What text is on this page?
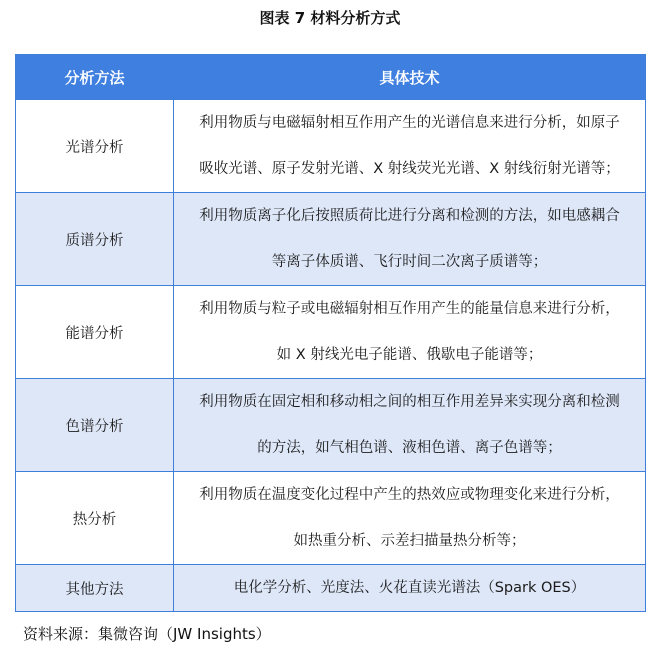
图表 7 材料分析方式
分析方法	具体技术
光谱分析	利用物质与电磁辐射相互作用产生的光谱信息来进行分析，如原子
吸收光谱、原子发射光谱、X 射线荧光光谱、X 射线衍射光谱等；

质谱分析	利用物质离子化后按照质荷比进行分离和检测的方法，如电感耦合
等离子体质谱、飞行时间二次离子质谱等；

能谱分析	利用物质与粒子或电磁辐射相互作用产生的能量信息来进行分析，
如 X 射线光电子能谱、俄歇电子能谱等；

色谱分析	利用物质在固定相和移动相之间的相互作用差异来实现分离和检测
的方法，如气相色谱、液相色谱、离子色谱等；

热分析	利用物质在温度变化过程中产生的热效应或物理变化来进行分析，
如热重分析、示差扫描量热分析等；

其他方法	电化学分析、光度法、火花直读光谱法（Spark OES）
资料来源：集微咨询（JW Insights）
